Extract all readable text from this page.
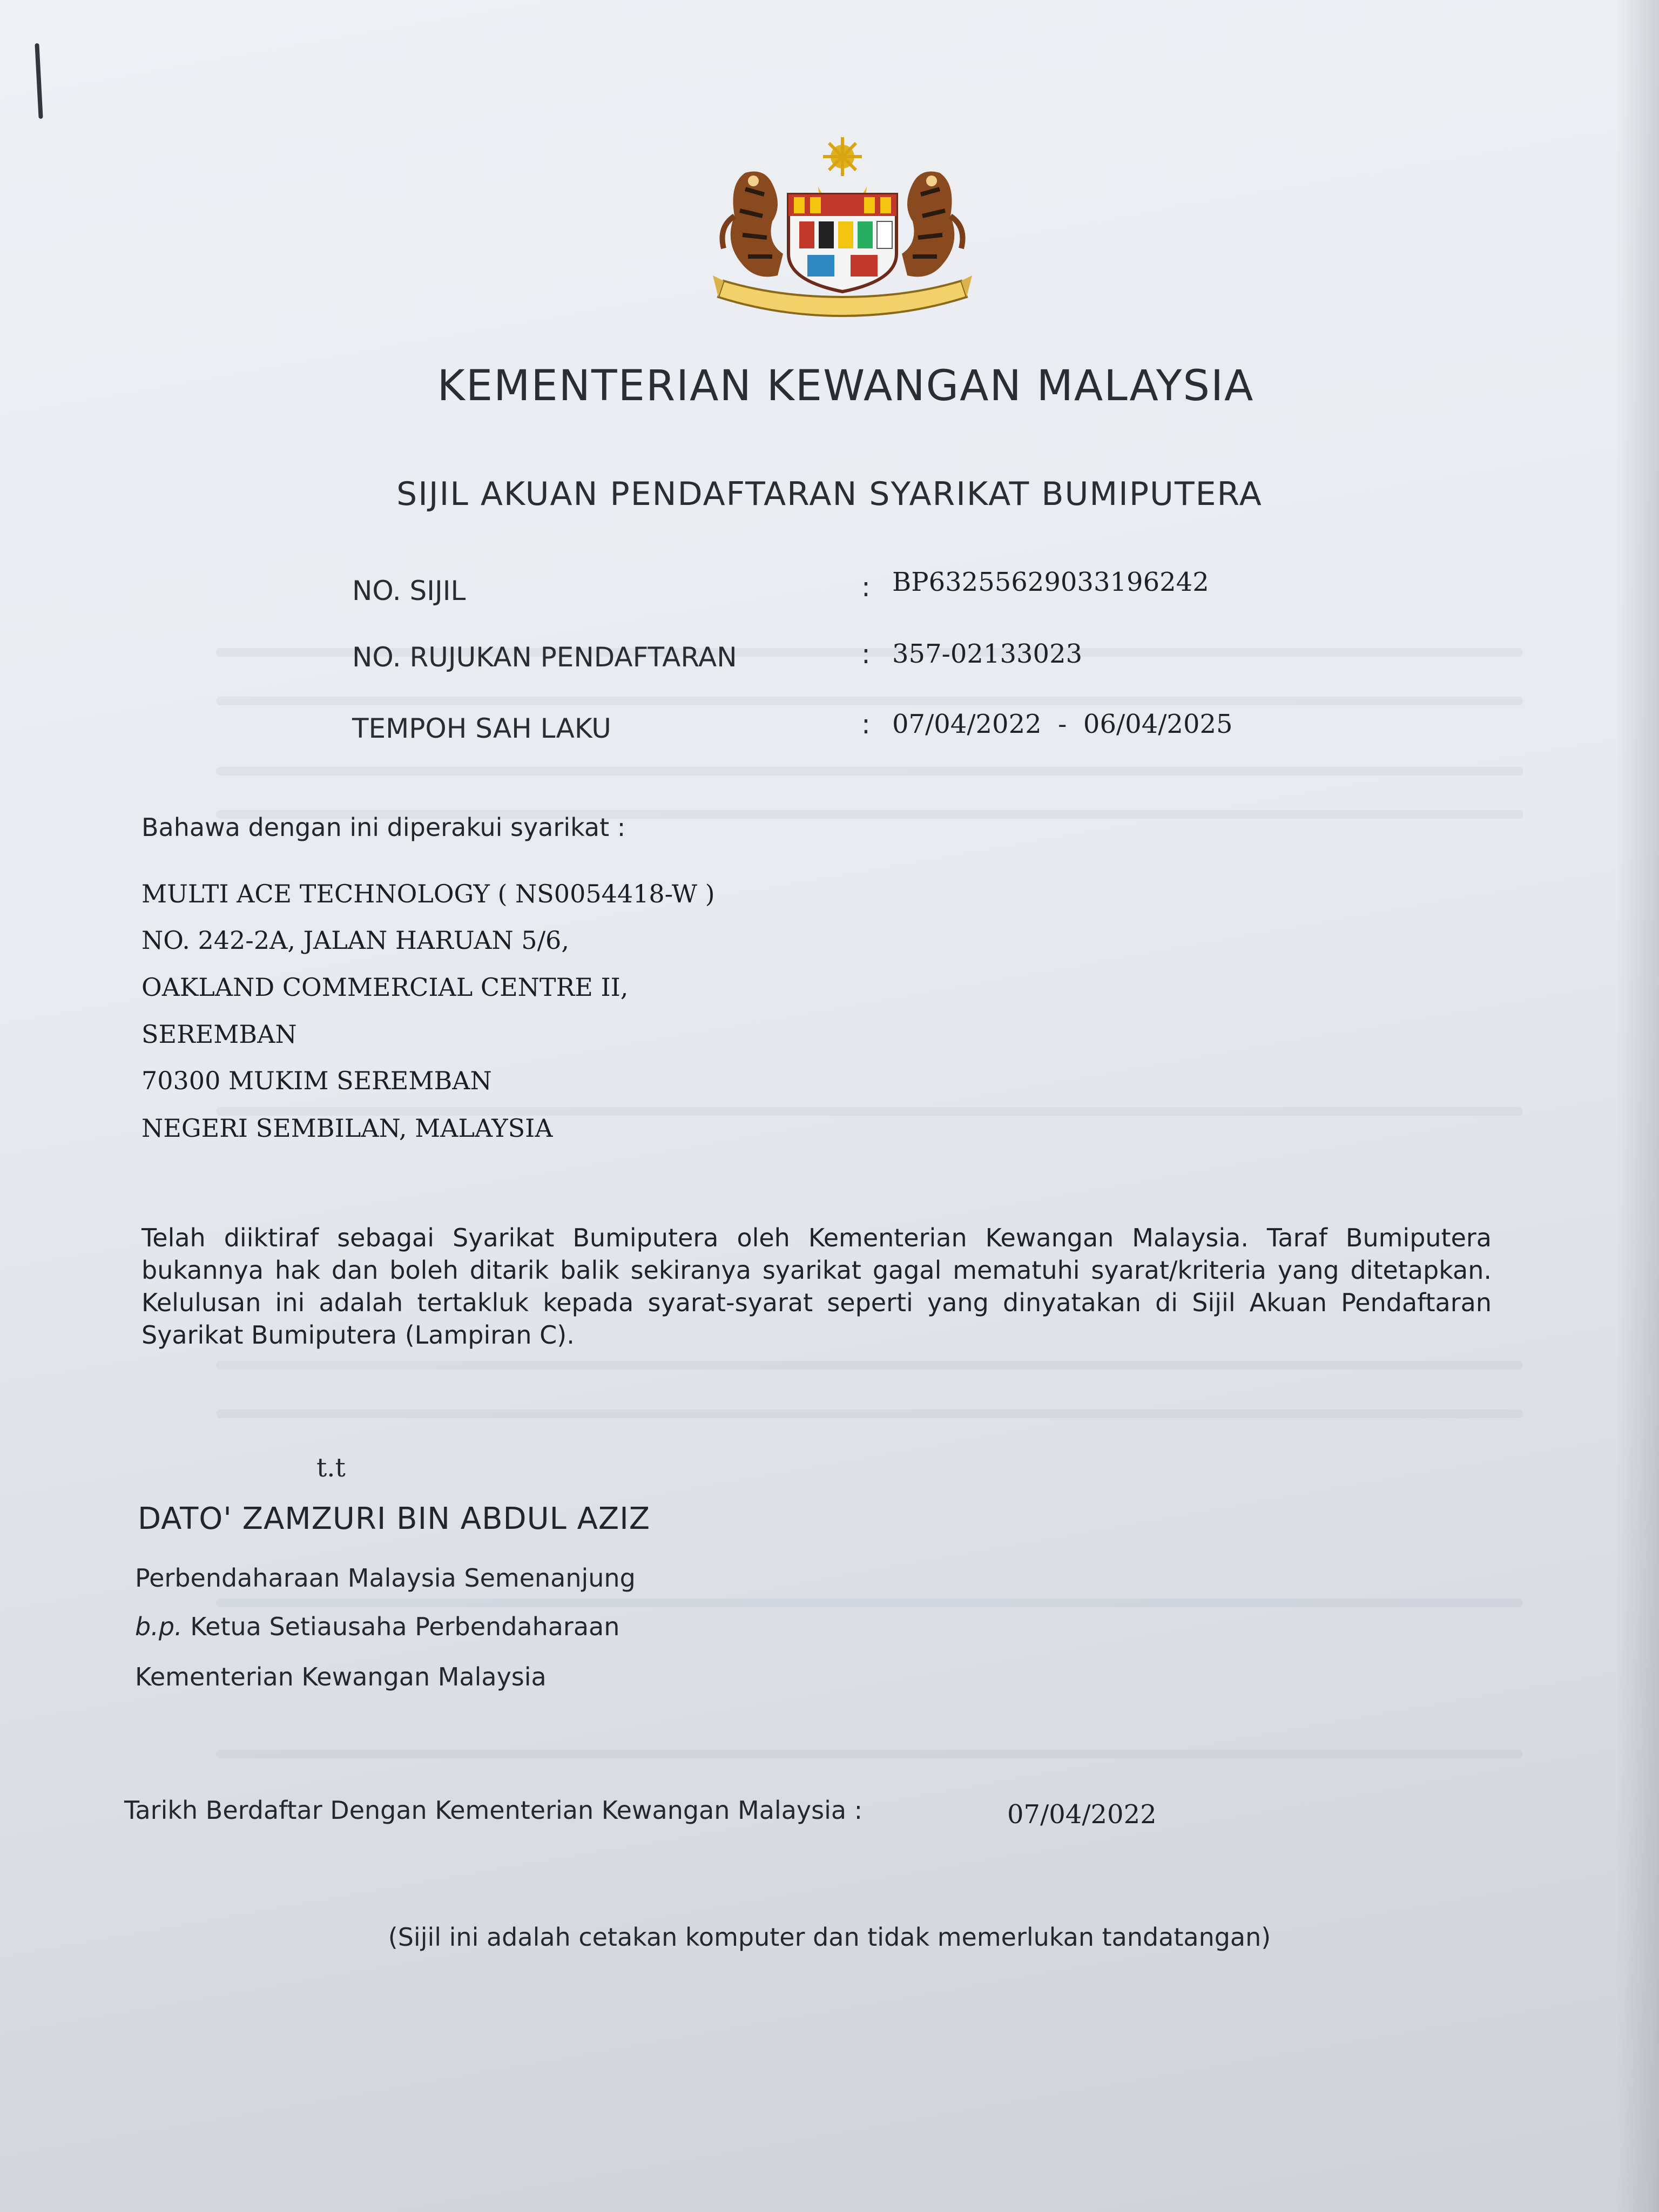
KEMENTERIAN KEWANGAN MALAYSIA
SIJIL AKUAN PENDAFTARAN SYARIKAT BUMIPUTERA
NO. SIJIL	: BP63255629033196242
NO. RUJUKAN PENDAFTARAN	: 357-02133023
TEMPOH SAH LAKU	: 07/04/2022  -  06/04/2025
Bahawa dengan ini diperakui syarikat :
MULTI ACE TECHNOLOGY ( NS0054418-W )
NO. 242-2A, JALAN HARUAN 5/6,
OAKLAND COMMERCIAL CENTRE II,
SEREMBAN
70300 MUKIM SEREMBAN
NEGERI SEMBILAN, MALAYSIA
Telah diiktiraf sebagai Syarikat Bumiputera oleh Kementerian Kewangan Malaysia. Taraf Bumiputera bukannya hak dan boleh ditarik balik sekiranya syarikat gagal mematuhi syarat/kriteria yang ditetapkan. Kelulusan ini adalah tertakluk kepada syarat-syarat seperti yang dinyatakan di Sijil Akuan Pendaftaran Syarikat Bumiputera (Lampiran C).
t.t
DATO' ZAMZURI BIN ABDUL AZIZ
Perbendaharaan Malaysia Semenanjung
b.p. Ketua Setiausaha Perbendaharaan
Kementerian Kewangan Malaysia
Tarikh Berdaftar Dengan Kementerian Kewangan Malaysia :	07/04/2022
(Sijil ini adalah cetakan komputer dan tidak memerlukan tandatangan)
